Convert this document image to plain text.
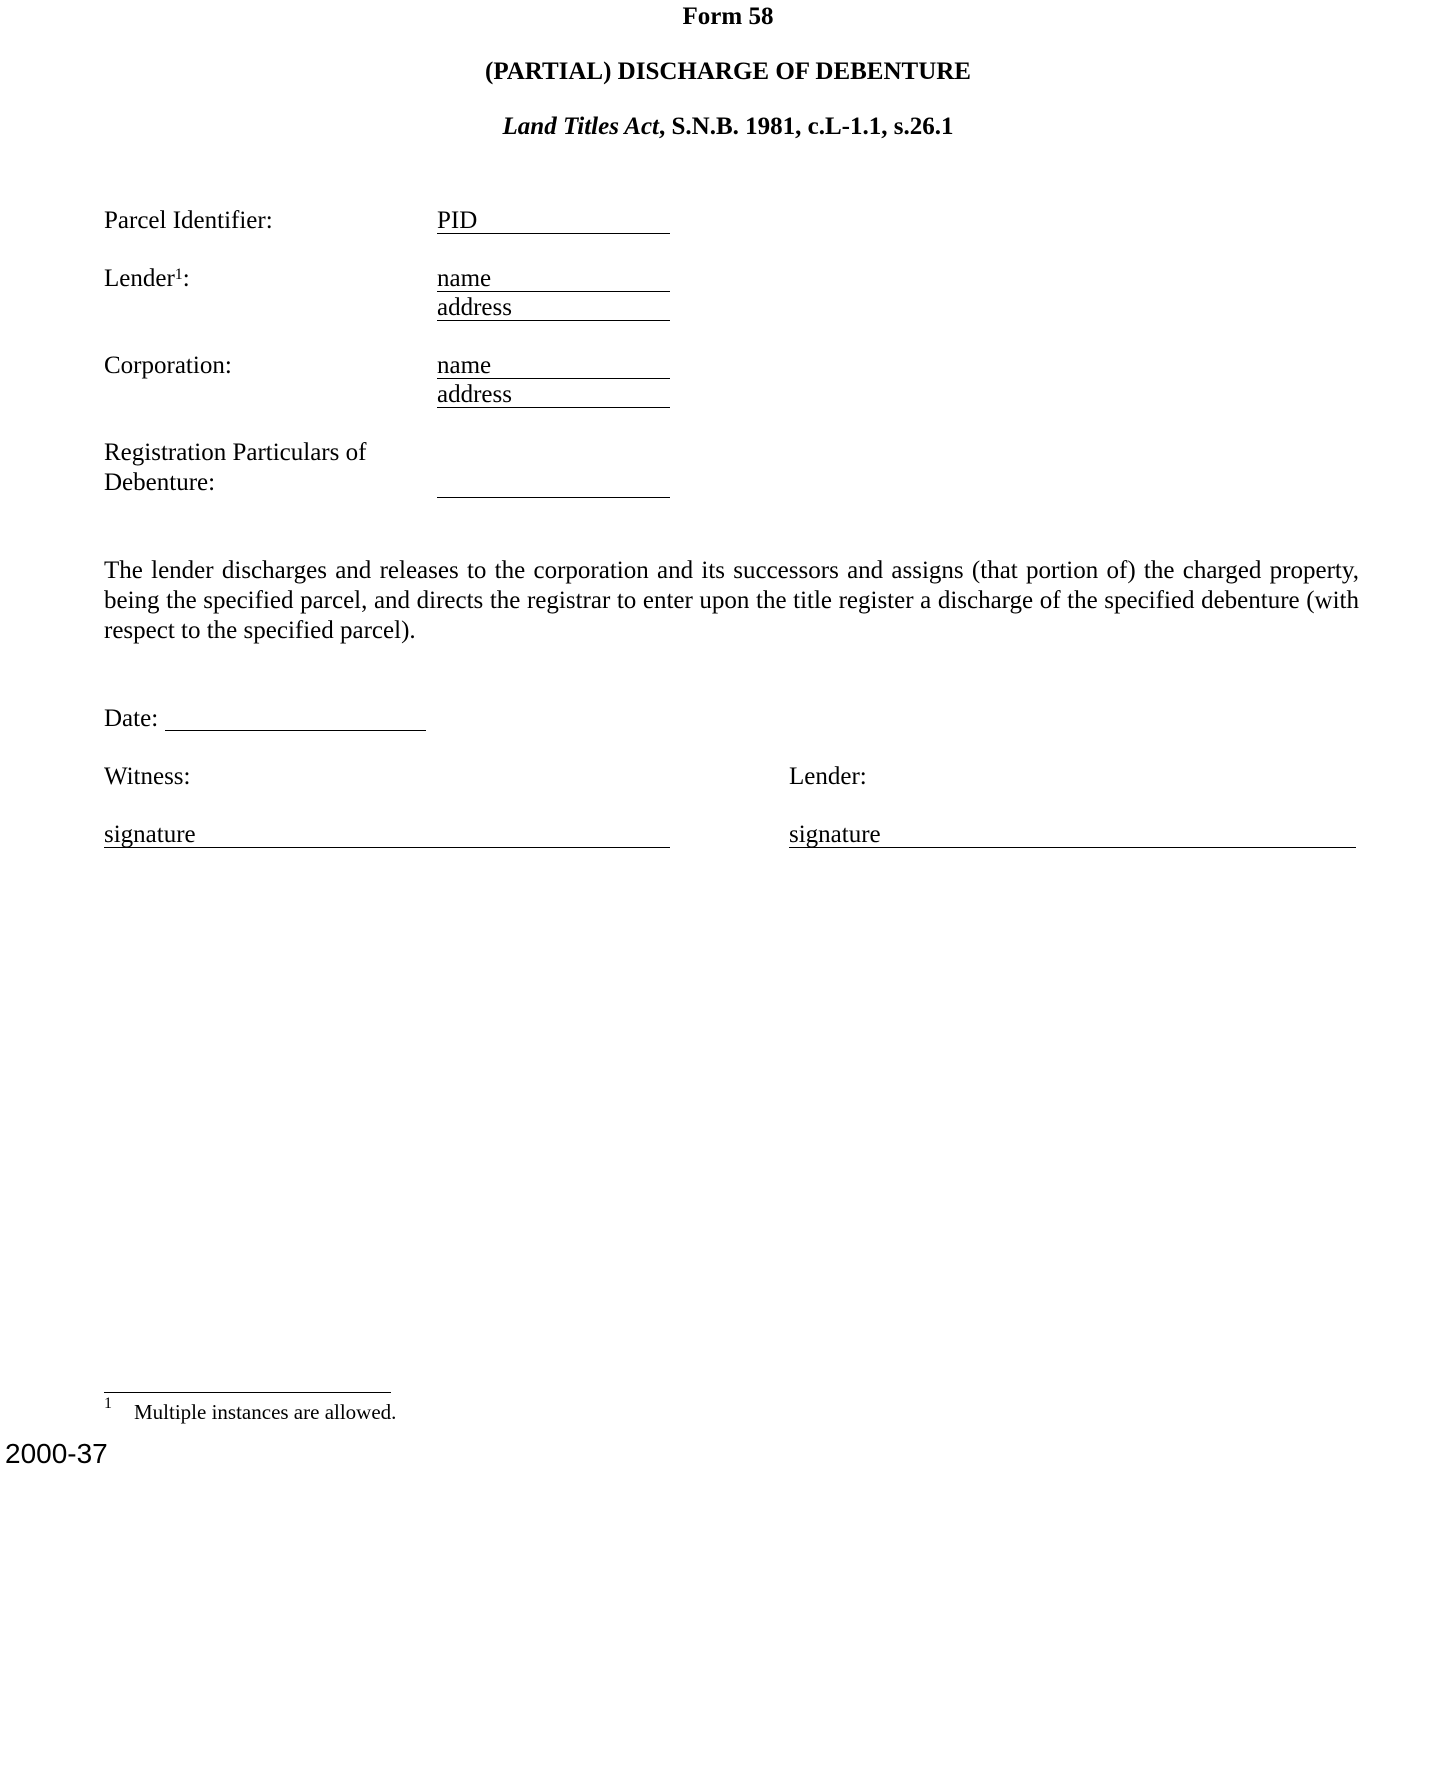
Form 58
(PARTIAL) DISCHARGE OF DEBENTURE
Land Titles Act, S.N.B. 1981, c.L-1.1, s.26.1
Parcel Identifier:	PID
Lender$^1$:	name
address
Corporation:	name
address
Registration Particulars of
Debenture:
The lender discharges and releases to the corporation and its successors and assigns (that portion of) the charged property, being the specified parcel, and directs the registrar to enter upon the title register a discharge of the specified debenture (with respect to the specified parcel).
Date:
Witness:	Lender:
signature	signature
1 Multiple instances are allowed.
2000-37
